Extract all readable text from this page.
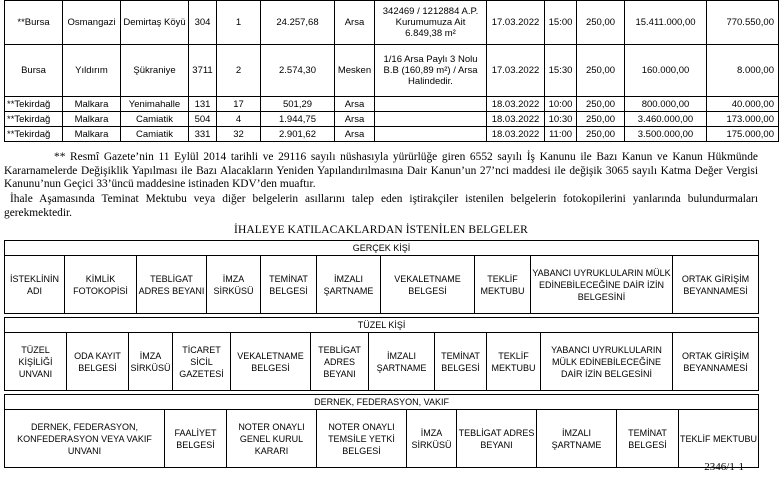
**Bursa	Osmangazi	Demirtaş Köyü	304	1	24.257,68	Arsa	342469 / 1212884 A.P. Kurumumuza Ait 6.849,38 m²	17.03.2022	15:00	250,00	15.411.000,00	770.550,00
Bursa	Yıldırım	Şükraniye	3711	2	2.574,30	Mesken	1/16 Arsa Paylı 3 Nolu B.B (160,89 m²) / Arsa Halindedir.	17.03.2022	15:30	250,00	160.000,00	8.000,00
**Tekirdağ	Malkara	Yenimahalle	131	17	501,29	Arsa		18.03.2022	10:00	250,00	800.000,00	40.000,00
**Tekirdağ	Malkara	Camiatik	504	4	1.944,75	Arsa		18.03.2022	10:30	250,00	3.460.000,00	173.000,00
**Tekirdağ	Malkara	Camiatik	331	32	2.901,62	Arsa		18.03.2022	11:00	250,00	3.500.000,00	175.000,00

** Resmî Gazete’nin 11 Eylül 2014 tarihli ve 29116 sayılı nüshasıyla yürürlüğe giren 6552 sayılı İş Kanunu ile Bazı Kanun ve Kanun Hükmünde Kararnamelerde Değişiklik Yapılması ile Bazı Alacakların Yeniden Yapılandırılmasına Dair Kanun’un 27’nci maddesi ile değişik 3065 sayılı Katma Değer Vergisi Kanunu’nun Geçici 33’üncü maddesine istinaden KDV’den muaftır.

İhale Aşamasında Teminat Mektubu veya diğer belgelerin asıllarını talep eden iştirakçiler istenilen belgelerin fotokopilerini yanlarında bulundurmaları gerekmektedir.

İHALEYE KATILACAKLARDAN İSTENİLEN BELGELER
GERÇEK KİŞİ
İSTEKLİNİN ADI	KİMLİK FOTOKOPİSİ	TEBLİGAT ADRES BEYANI	İMZA SİRKÜSÜ	TEMİNAT BELGESİ	İMZALI ŞARTNAME	VEKALETNAME BELGESİ	TEKLİF MEKTUBU	YABANCI UYRUKLULARIN MÜLK EDİNEBİLECEĞİNE DAİR İZİN BELGESİNİ	ORTAK GİRİŞİM BEYANNAMESİ
TÜZEL KİŞİ
TÜZEL KİŞİLİĞİ UNVANI	ODA KAYIT BELGESİ	İMZA SİRKÜSÜ	TİCARET SİCİL GAZETESİ	VEKALETNAME BELGESİ	TEBLİGAT ADRES BEYANI	İMZALI ŞARTNAME	TEMİNAT BELGESİ	TEKLİF MEKTUBU	YABANCI UYRUKLULARIN MÜLK EDİNEBİLECEĞİNE DAİR İZİN BELGESİNİ	ORTAK GİRİŞİM BEYANNAMESİ
DERNEK, FEDERASYON, VAKIF
DERNEK, FEDERASYON, KONFEDERASYON VEYA VAKIF UNVANI	FAALİYET BELGESİ	NOTER ONAYLI GENEL KURUL KARARI	NOTER ONAYLI TEMSİLE YETKİ BELGESİ	İMZA SİRKÜSÜ	TEBLİGAT ADRES BEYANI	İMZALI ŞARTNAME	TEMİNAT BELGESİ	TEKLİF MEKTUBU
2346/1-1
